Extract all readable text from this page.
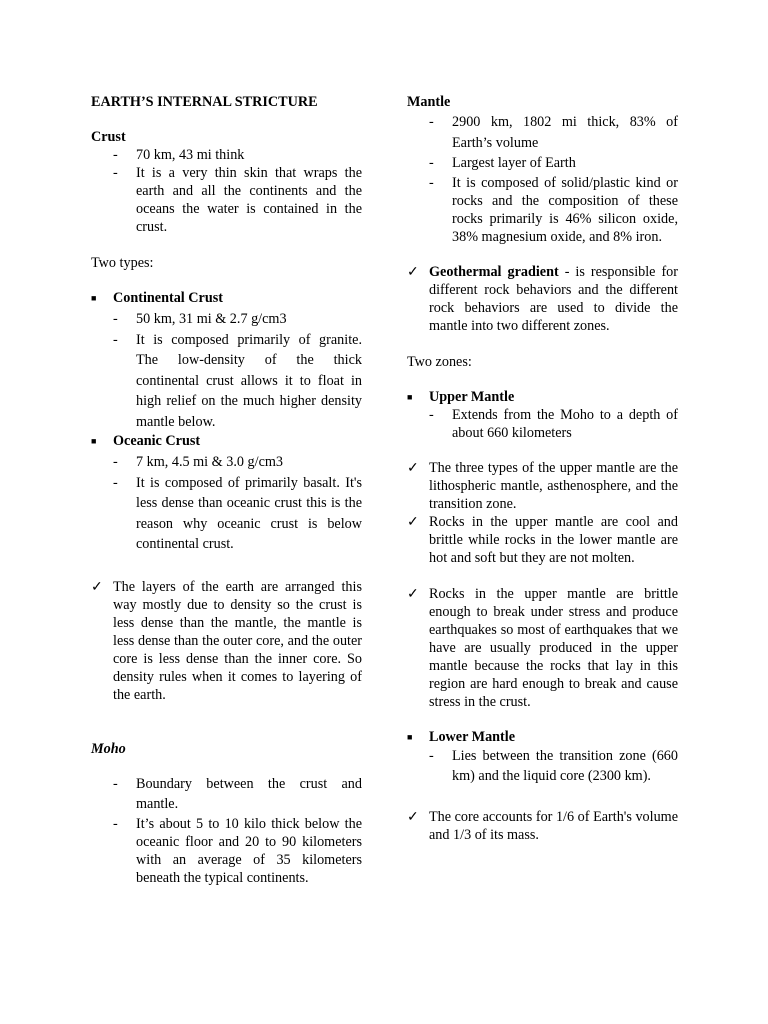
EARTH’S INTERNAL STRICTURE
Crust
- 70 km, 43 mi think
- It is a very thin skin that wraps the earth and all the continents and the oceans the water is contained in the crust.
Two types:
■ Continental Crust
- 50 km, 31 mi & 2.7 g/cm3
- It is composed primarily of granite. The low-density of the thick continental crust allows it to float in high relief on the much higher density mantle below.
■ Oceanic Crust
- 7 km, 4.5 mi & 3.0 g/cm3
- It is composed of primarily basalt. It's less dense than oceanic crust this is the reason why oceanic crust is below continental crust.
✓ The layers of the earth are arranged this way mostly due to density so the crust is less dense than the mantle, the mantle is less dense than the outer core, and the outer core is less dense than the inner core. So density rules when it comes to layering of the earth.
Moho
- Boundary between the crust and mantle.
- It’s about 5 to 10 kilo thick below the oceanic floor and 20 to 90 kilometers with an average of 35 kilometers beneath the typical continents.
Mantle
- 2900 km, 1802 mi thick, 83% of Earth’s volume
- Largest layer of Earth
- It is composed of solid/plastic kind or rocks and the composition of these rocks primarily is 46% silicon oxide, 38% magnesium oxide, and 8% iron.
✓ Geothermal gradient - is responsible for different rock behaviors and the different rock behaviors are used to divide the mantle into two different zones.
Two zones:
■ Upper Mantle
- Extends from the Moho to a depth of about 660 kilometers
✓ The three types of the upper mantle are the lithospheric mantle, asthenosphere, and the transition zone.
✓ Rocks in the upper mantle are cool and brittle while rocks in the lower mantle are hot and soft but they are not molten.
✓ Rocks in the upper mantle are brittle enough to break under stress and produce earthquakes so most of earthquakes that we have are usually produced in the upper mantle because the rocks that lay in this region are hard enough to break and cause stress in the crust.
■ Lower Mantle
- Lies between the transition zone (660 km) and the liquid core (2300 km).
✓ The core accounts for 1/6 of Earth's volume and 1/3 of its mass.
